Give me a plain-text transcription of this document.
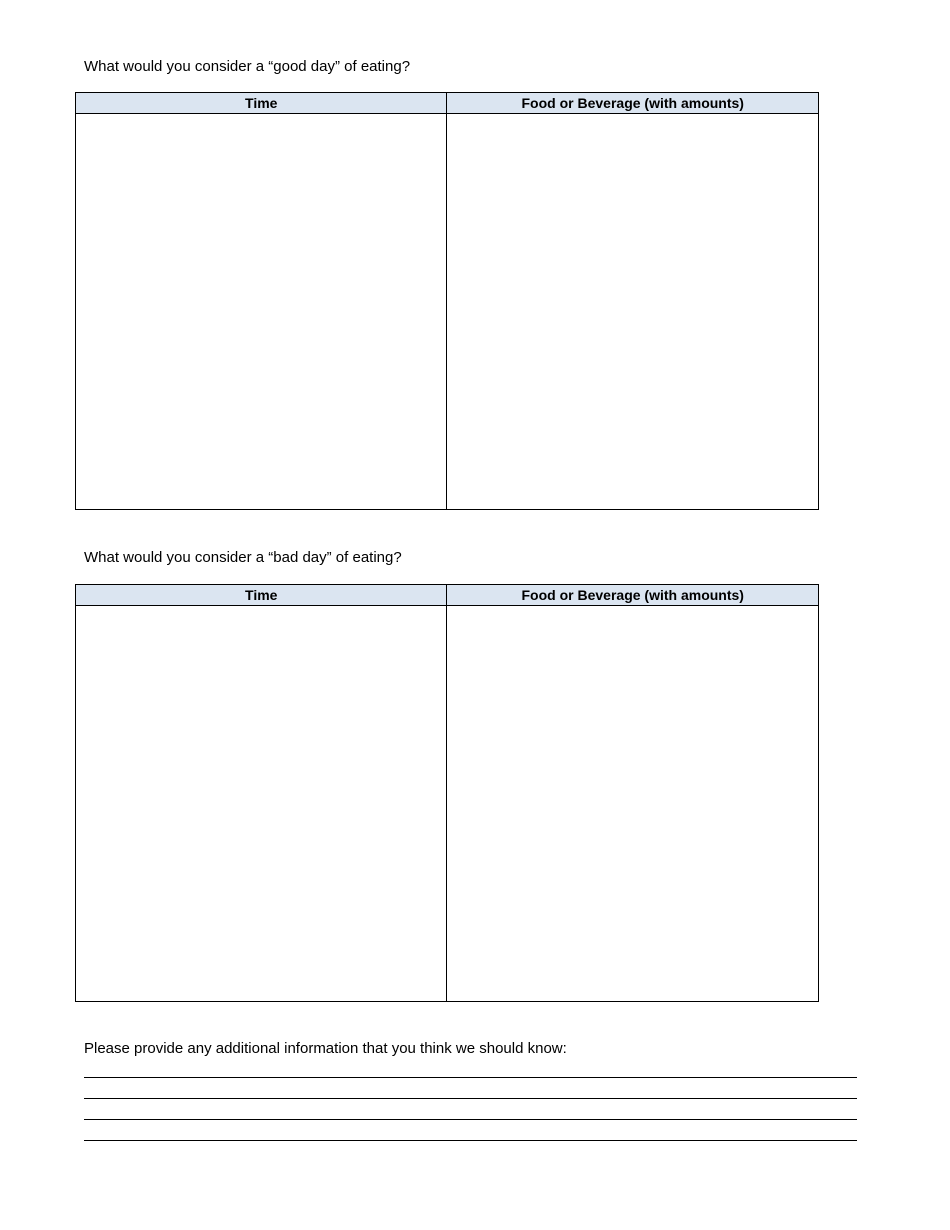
What would you consider a “good day” of eating?

Time	Food or Beverage (with amounts)

What would you consider a “bad day” of eating?

Time	Food or Beverage (with amounts)

Please provide any additional information that you think we should know:
